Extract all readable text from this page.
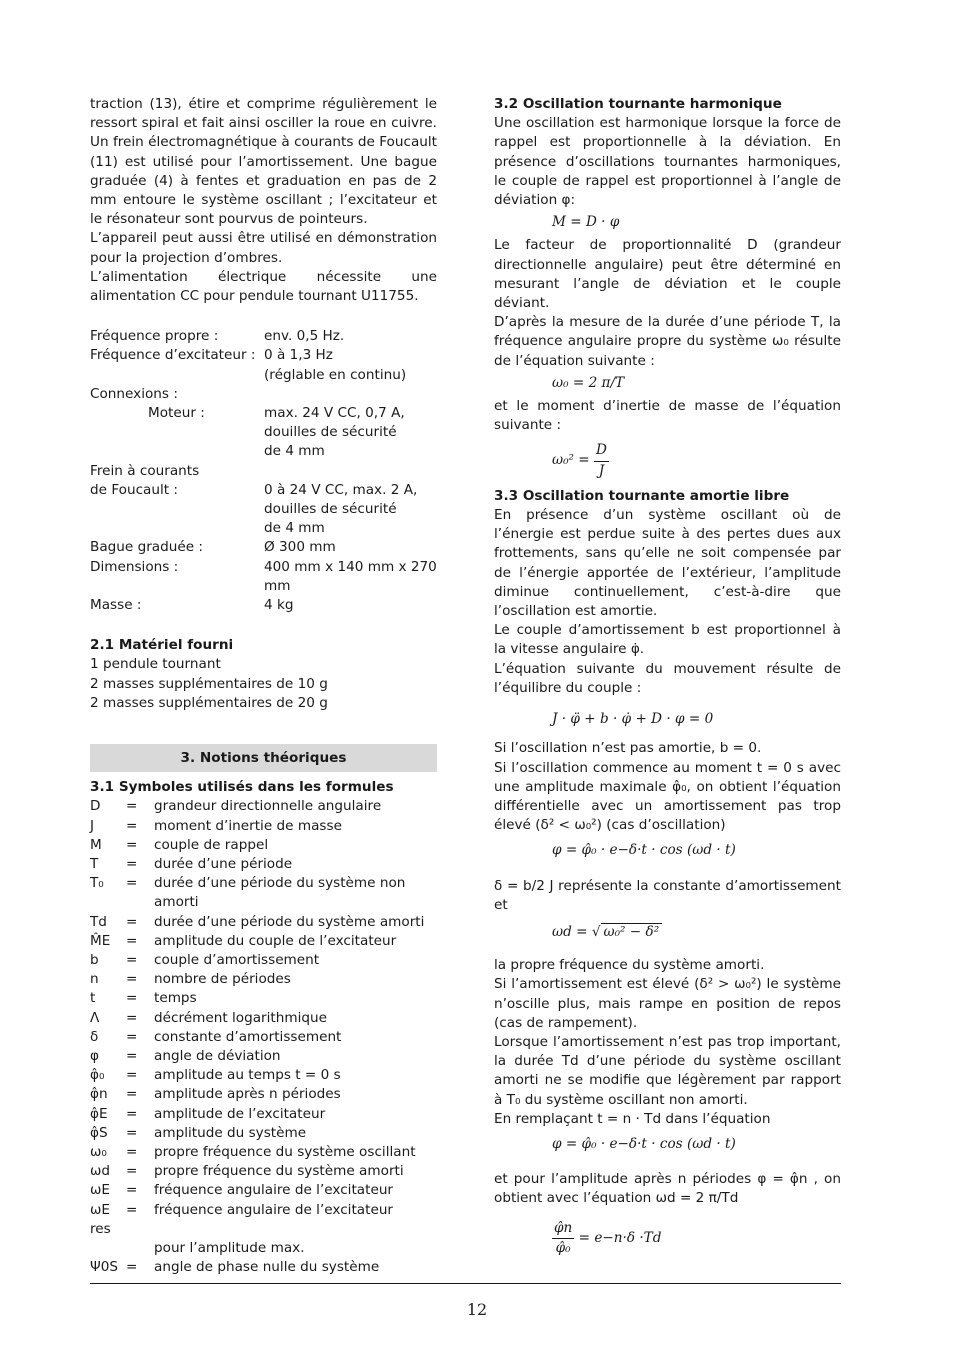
traction (13), étire et comprime régulièrement le ressort spiral et fait ainsi osciller la roue en cuivre. Un frein électromagnétique à courants de Foucault (11) est utilisé pour l’amortissement. Une bague graduée (4) à fentes et graduation en pas de 2 mm entoure le système oscillant ; l’excitateur et le résonateur sont pourvus de pointeurs.

L’appareil peut aussi être utilisé en démonstration pour la projection d’ombres.

L’alimentation électrique nécessite une alimentation CC pour pendule tournant U11755.

Fréquence propre :	env. 0,5 Hz.
Fréquence d’excitateur : 0 à 1,3 Hz
(réglable en continu)
Connexions :
Moteur :	max. 24 V CC, 0,7 A,
douilles de sécurité
de 4 mm
Frein à courants
de Foucault :	0 à 24 V CC, max. 2 A,
douilles de sécurité
de 4 mm
Bague graduée :	Ø 300 mm
Dimensions :	400 mm x 140 mm x 270 mm
Masse :	4 kg

2.1 Matériel fourni

1 pendule tournant

2 masses supplémentaires de 10 g

2 masses supplémentaires de 20 g

3. Notions théoriques

3.1 Symboles utilisés dans les formules

D	=	grandeur directionnelle angulaire
J	=	moment d’inertie de masse
M	=	couple de rappel
T	=	durée d’une période
T₀	=	durée d’une période du système non amorti
Td	=	durée d’une période du système amorti
M̂E	=	amplitude du couple de l’excitateur
b	=	couple d’amortissement
n	=	nombre de périodes
t	=	temps
Λ	=	décrément logarithmique
δ	=	constante d’amortissement
φ	=	angle de déviation
φ̂₀	=	amplitude au temps t = 0 s
φ̂n	=	amplitude après n périodes
φ̂E	=	amplitude de l’excitateur
φ̂S	=	amplitude du système
ω₀	=	propre fréquence du système oscillant
ωd	=	propre fréquence du système amorti
ωE	=	fréquence angulaire de l’excitateur
ωE res
=	fréquence angulaire de l’excitateur
pour l’amplitude max.
Ψ0S =	angle de phase nulle du système

3.2 Oscillation tournante harmonique

Une oscillation est harmonique lorsque la force de rappel est proportionnelle à la déviation. En présence d’oscillations tournantes harmoniques, le couple de rappel est proportionnel à l’angle de déviation φ:

M = D · φ

Le facteur de proportionnalité D (grandeur directionnelle angulaire) peut être déterminé en mesurant l’angle de déviation et le couple déviant.

D’après la mesure de la durée d’une période T, la fréquence angulaire propre du système ω₀ résulte de l’équation suivante :

ω₀ = 2 π/T

et le moment d’inertie de masse de l’équation suivante :

$\omega_0^2 = \frac{D}{J}$

3.3 Oscillation tournante amortie libre

En présence d’un système oscillant où de l’énergie est perdue suite à des pertes dues aux frottements, sans qu’elle ne soit compensée par de l’énergie apportée de l’extérieur, l’amplitude diminue continuellement, c’est-à-dire que l’oscillation est amortie.

Le couple d’amortissement b est proportionnel à la vitesse angulaire φ̇.

L’équation suivante du mouvement résulte de l’équilibre du couple :

J · φ̈ + b · φ̇ + D · φ = 0

Si l’oscillation n’est pas amortie, b = 0.

Si l’oscillation commence au moment t = 0 s avec une amplitude maximale φ̂₀, on obtient l’équation différentielle avec un amortissement pas trop élevé (δ² < ω₀²) (cas d’oscillation)

φ = φ̂₀ · e−δ·t · cos (ωd · t)

δ = b/2 J représente la constante d’amortissement et

ωd = √ ω₀² − δ²

la propre fréquence du système amorti.

Si l’amortissement est élevé (δ² > ω₀²) le système n’oscille plus, mais rampe en position de repos (cas de rampement).

Lorsque l’amortissement n’est pas trop important, la durée Td d’une période du système oscillant amorti ne se modifie que légèrement par rapport à T₀ du système oscillant non amorti.

En remplaçant t = n · Td dans l’équation

φ = φ̂₀ · e−δ·t · cos (ωd · t)

et pour l’amplitude après n périodes φ = φ̂n , on obtient avec l’équation ωd = 2 π/Td

$\frac{\varphîn}{\text{φ̂₀}} = e-n\cdot\delta \cdot Td$

12
